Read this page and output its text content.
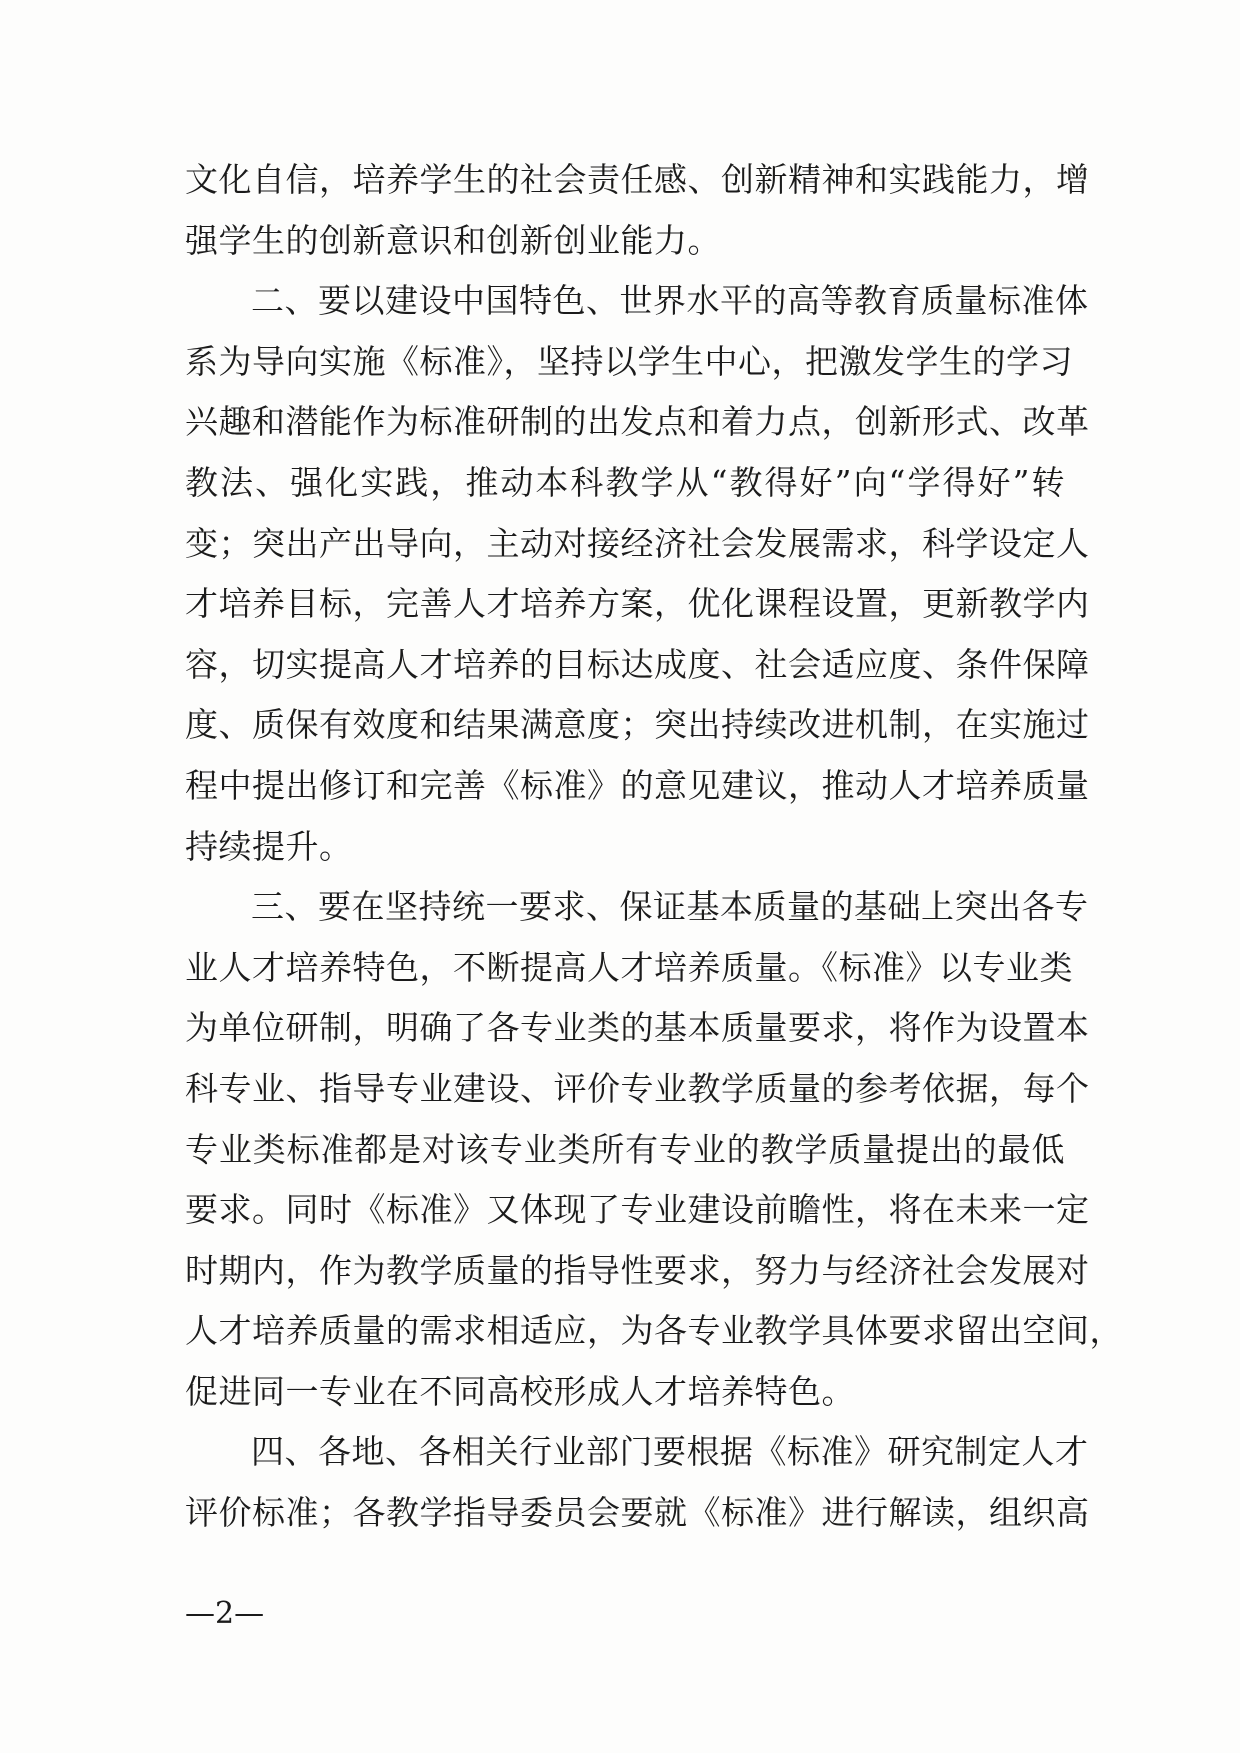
文化自信，培养学生的社会责任感、创新精神和实践能力，增
强学生的创新意识和创新创业能力。
二、要以建设中国特色、世界水平的高等教育质量标准体
系为导向实施《标准》，坚持以学生中心，把激发学生的学习
兴趣和潜能作为标准研制的出发点和着力点，创新形式、改革
教法、强化实践，推动本科教学从“教得好”向“学得好”转
变；突出产出导向，主动对接经济社会发展需求，科学设定人
才培养目标，完善人才培养方案，优化课程设置，更新教学内
容，切实提高人才培养的目标达成度、社会适应度、条件保障
度、质保有效度和结果满意度；突出持续改进机制，在实施过
程中提出修订和完善《标准》的意见建议，推动人才培养质量
持续提升。
三、要在坚持统一要求、保证基本质量的基础上突出各专
业人才培养特色，不断提高人才培养质量。《标准》以专业类
为单位研制，明确了各专业类的基本质量要求，将作为设置本
科专业、指导专业建设、评价专业教学质量的参考依据，每个
专业类标准都是对该专业类所有专业的教学质量提出的最低
要求。同时《标准》又体现了专业建设前瞻性，将在未来一定
时期内，作为教学质量的指导性要求，努力与经济社会发展对
人才培养质量的需求相适应，为各专业教学具体要求留出空间，
促进同一专业在不同高校形成人才培养特色。
四、各地、各相关行业部门要根据《标准》研究制定人才
评价标准；各教学指导委员会要就《标准》进行解读，组织高
—2—
